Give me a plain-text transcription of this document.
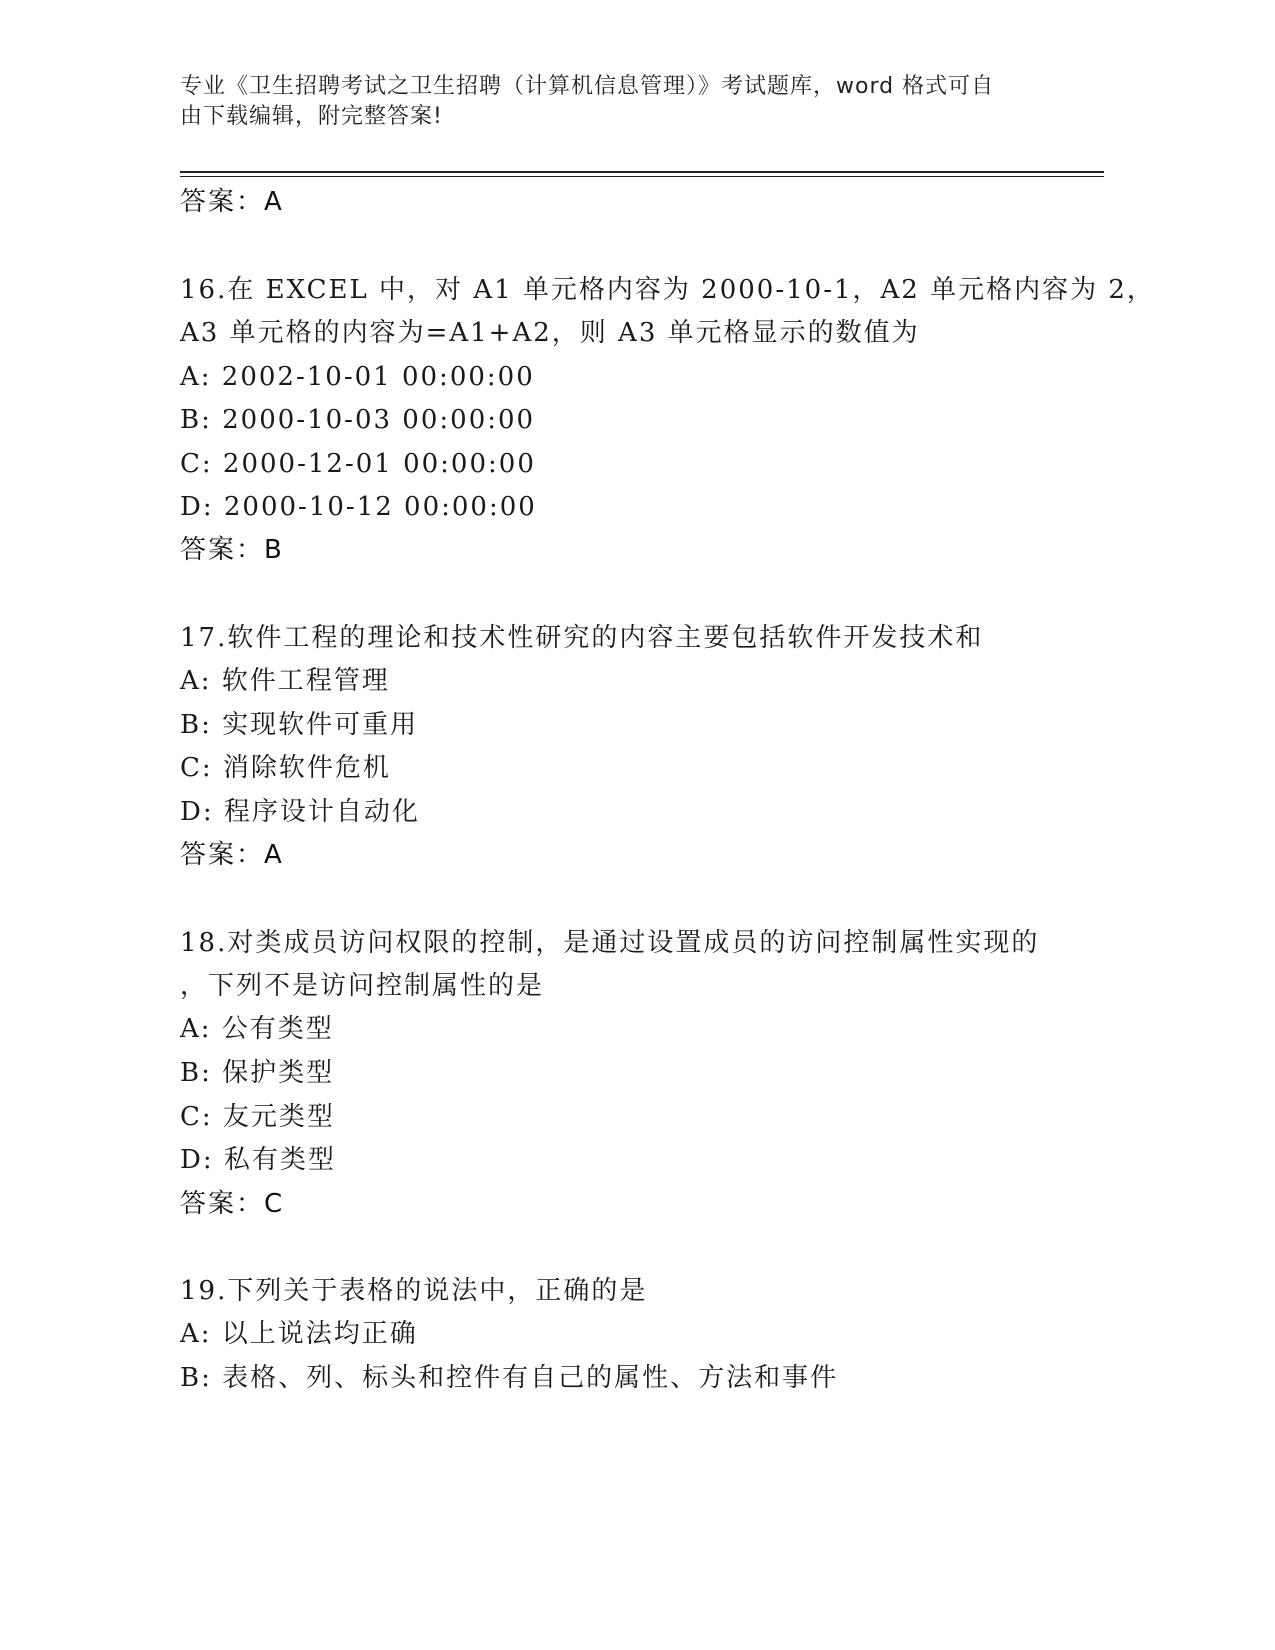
专业《卫生招聘考试之卫生招聘（计算机信息管理）》考试题库，word 格式可自
由下载编辑，附完整答案!
答案：A
16.在 EXCEL 中，对 A1 单元格内容为 2000-10-1，A2 单元格内容为 2，
A3 单元格的内容为=A1+A2，则 A3 单元格显示的数值为
A: 2002-10-01 00:00:00
B: 2000-10-03 00:00:00
C: 2000-12-01 00:00:00
D: 2000-10-12 00:00:00
答案：B
17.软件工程的理论和技术性研究的内容主要包括软件开发技术和
A: 软件工程管理
B: 实现软件可重用
C: 消除软件危机
D: 程序设计自动化
答案：A
18.对类成员访问权限的控制，是通过设置成员的访问控制属性实现的
，下列不是访问控制属性的是
A: 公有类型
B: 保护类型
C: 友元类型
D: 私有类型
答案：C
19.下列关于表格的说法中，正确的是
A: 以上说法均正确
B: 表格、列、标头和控件有自己的属性、方法和事件
